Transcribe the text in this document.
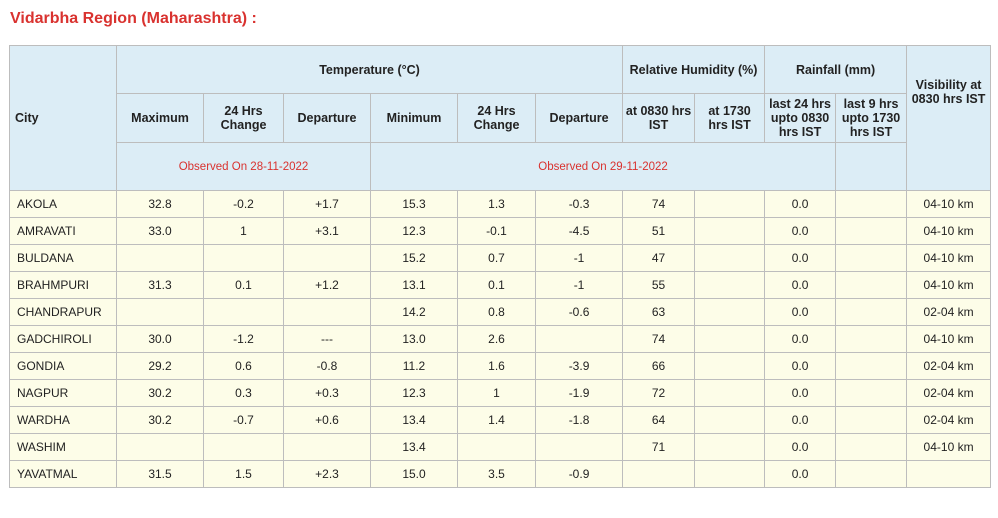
Vidarbha Region (Maharashtra) :
City	Temperature (°C)						Relative Humidity (%)		Rainfall (mm)		Visibility at 0830 hrs IST
	Maximum	24 Hrs Change	Departure	Minimum	24 Hrs Change	Departure	at 0830 hrs IST	at 1730 hrs IST	last 24 hrs upto 0830 hrs IST	last 9 hrs upto 1730 hrs IST	
	Observed On 28-11-2022			Observed On 29-11-2022							
AKOLA	32.8	-0.2	+1.7	15.3	1.3	-0.3	74		0.0		04-10 km
AMRAVATI	33.0	1	+3.1	12.3	-0.1	-4.5	51		0.0		04-10 km
BULDANA				15.2	0.7	-1	47		0.0		04-10 km
BRAHMPURI	31.3	0.1	+1.2	13.1	0.1	-1	55		0.0		04-10 km
CHANDRAPUR				14.2	0.8	-0.6	63		0.0		02-04 km
GADCHIROLI	30.0	-1.2	---	13.0	2.6		74		0.0		04-10 km
GONDIA	29.2	0.6	-0.8	11.2	1.6	-3.9	66		0.0		02-04 km
NAGPUR	30.2	0.3	+0.3	12.3	1	-1.9	72		0.0		02-04 km
WARDHA	30.2	-0.7	+0.6	13.4	1.4	-1.8	64		0.0		02-04 km
WASHIM				13.4			71		0.0		04-10 km
YAVATMAL	31.5	1.5	+2.3	15.0	3.5	-0.9			0.0		
